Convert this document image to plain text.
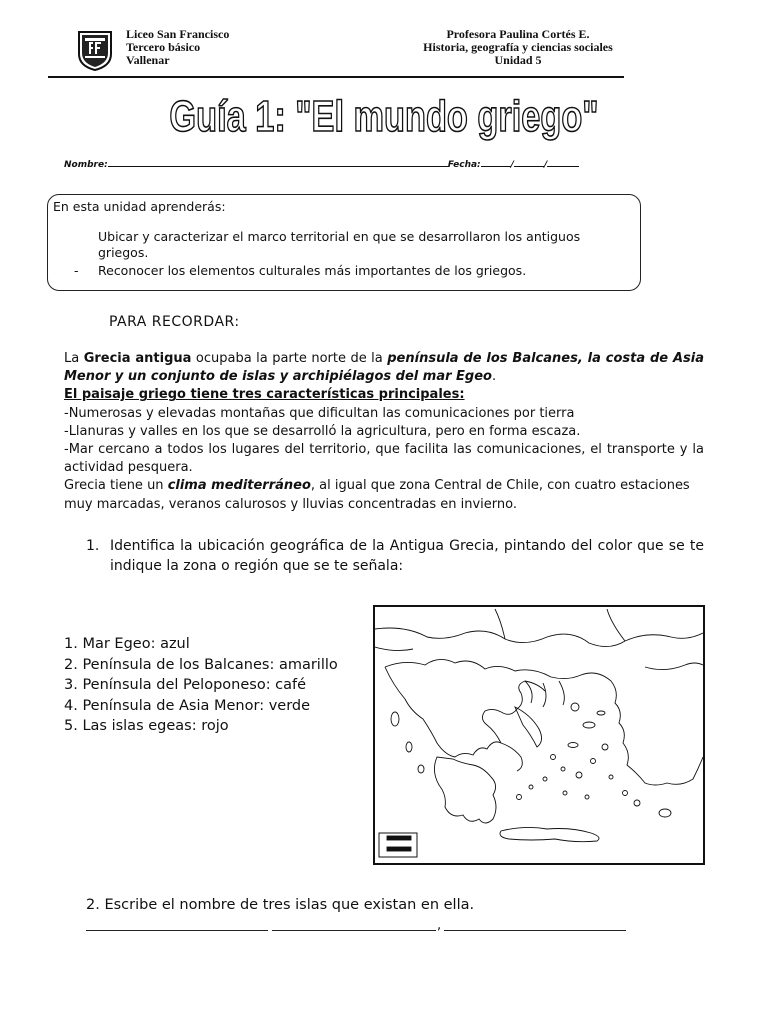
Liceo San Francisco
Tercero básico
Vallenar
Profesora Paulina Cortés E.
Historia, geografía y ciencias sociales
Unidad 5
Guía 1: "El mundo griego"
Nombre:	Fecha:	/	/
En esta unidad aprenderás:
Ubicar y caracterizar el marco territorial en que se desarrollaron los antiguos griegos.
- Reconocer los elementos culturales más importantes de los griegos.
PARA RECORDAR:
La Grecia antigua ocupaba la parte norte de la península de los Balcanes, la costa de Asia Menor y un conjunto de islas y archipiélagos del mar Egeo.
El paisaje griego tiene tres características principales:
-Numerosas y elevadas montañas que dificultan las comunicaciones por tierra
-Llanuras y valles en los que se desarrolló la agricultura, pero en forma escaza.
-Mar cercano a todos los lugares del territorio, que facilita las comunicaciones, el transporte y la actividad pesquera.
Grecia tiene un clima mediterráneo, al igual que zona Central de Chile, con cuatro estaciones muy marcadas, veranos calurosos y lluvias concentradas en invierno.
1. Identifica la ubicación geográfica de la Antigua Grecia, pintando del color que se te indique la zona o región que se te señala:
1. Mar Egeo: azul
2. Península de los Balcanes: amarillo
3. Península del Peloponeso: café
4. Península de Asia Menor: verde
5. Las islas egeas: rojo
2. Escribe el nombre de tres islas que existan en ella.
,
